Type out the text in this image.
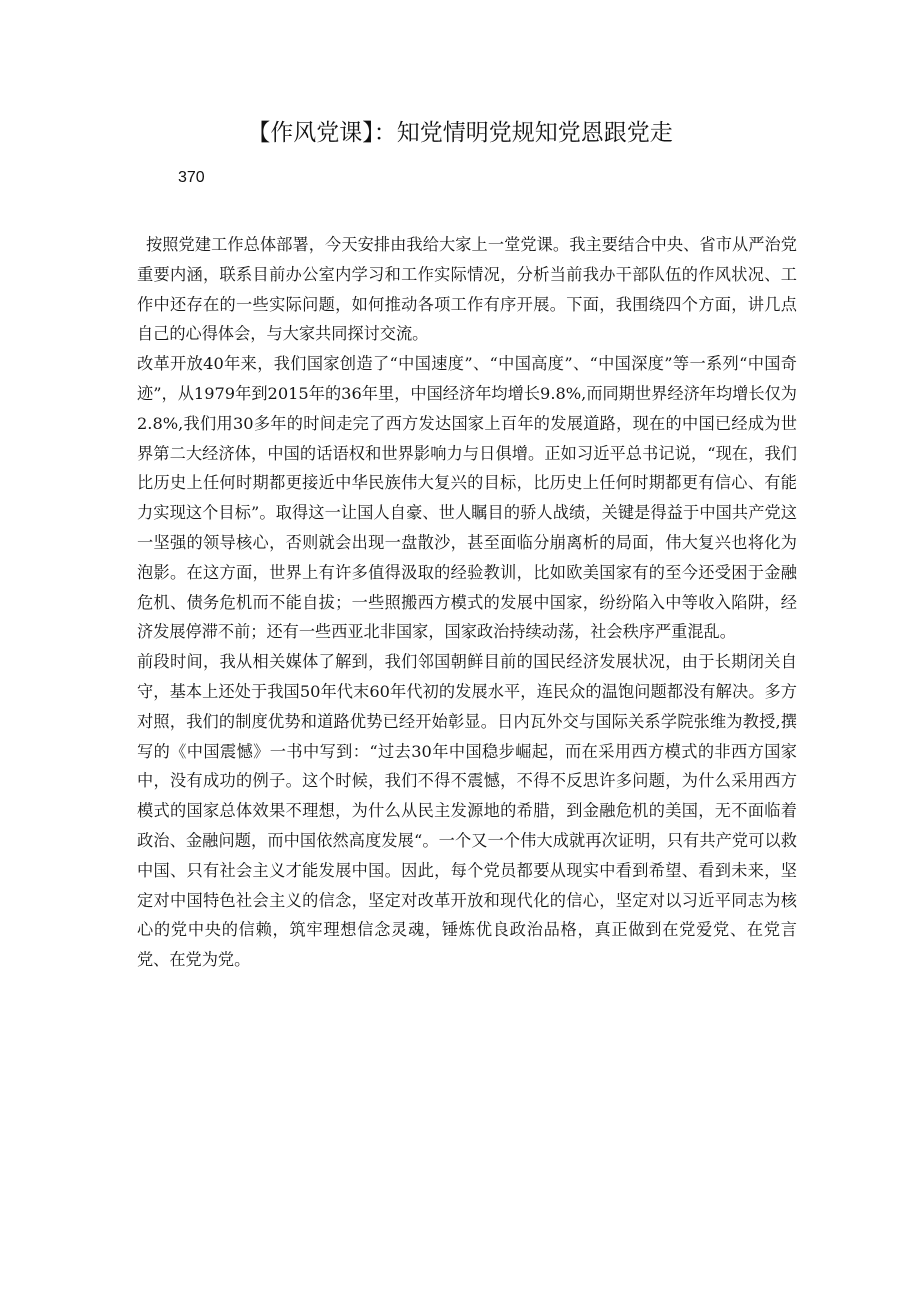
【作风党课】：知党情明党规知党恩跟党走
370

按照党建工作总体部署，今天安排由我给大家上一堂党课。我主要结合中央、省市从严治党重要内涵，联系目前办公室内学习和工作实际情况，分析当前我办干部队伍的作风状况、工作中还存在的一些实际问题，如何推动各项工作有序开展。下面，我围绕四个方面，讲几点自己的心得体会，与大家共同探讨交流。

改革开放40年来，我们国家创造了“中国速度”、“中国高度”、“中国深度”等一系列“中国奇迹”，从1979年到2015年的36年里，中国经济年均增长9.8%,而同期世界经济年均增长仅为2.8%,我们用30多年的时间走完了西方发达国家上百年的发展道路，现在的中国已经成为世界第二大经济体，中国的话语权和世界影响力与日俱增。正如习近平总书记说，“现在，我们比历史上任何时期都更接近中华民族伟大复兴的目标，比历史上任何时期都更有信心、有能力实现这个目标”。取得这一让国人自豪、世人瞩目的骄人战绩，关键是得益于中国共产党这一坚强的领导核心，否则就会出现一盘散沙，甚至面临分崩离析的局面，伟大复兴也将化为泡影。在这方面，世界上有许多值得汲取的经验教训，比如欧美国家有的至今还受困于金融危机、债务危机而不能自拔；一些照搬西方模式的发展中国家，纷纷陷入中等收入陷阱，经济发展停滞不前；还有一些西亚北非国家，国家政治持续动荡，社会秩序严重混乱。

前段时间，我从相关媒体了解到，我们邻国朝鲜目前的国民经济发展状况，由于长期闭关自守，基本上还处于我国50年代末60年代初的发展水平，连民众的温饱问题都没有解决。多方对照，我们的制度优势和道路优势已经开始彰显。日内瓦外交与国际关系学院张维为教授,撰写的《中国震憾》一书中写到：“过去30年中国稳步崛起，而在采用西方模式的非西方国家中，没有成功的例子。这个时候，我们不得不震憾，不得不反思许多问题，为什么采用西方模式的国家总体效果不理想，为什么从民主发源地的希腊，到金融危机的美国，无不面临着政治、金融问题，而中国依然高度发展“。一个又一个伟大成就再次证明，只有共产党可以救中国、只有社会主义才能发展中国。因此，每个党员都要从现实中看到希望、看到未来，坚定对中国特色社会主义的信念，坚定对改革开放和现代化的信心，坚定对以习近平同志为核心的党中央的信赖，筑牢理想信念灵魂，锤炼优良政治品格，真正做到在党爱党、在党言党、在党为党。
